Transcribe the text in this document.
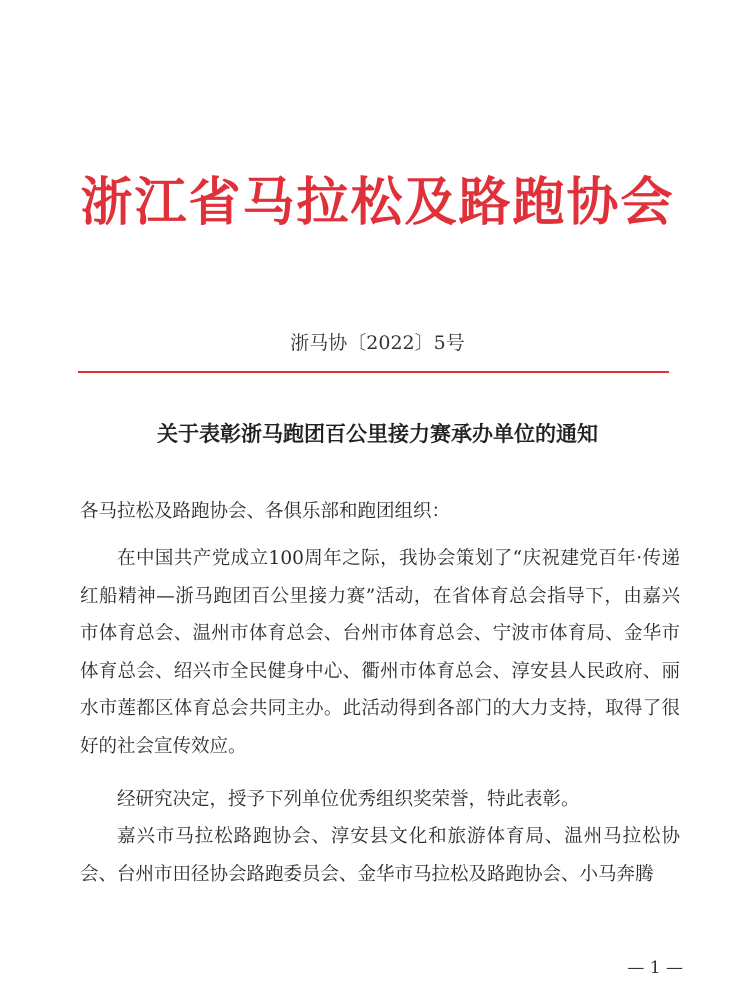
浙江省马拉松及路跑协会
浙马协〔2022〕5号
关于表彰浙马跑团百公里接力赛承办单位的通知
各马拉松及路跑协会、各俱乐部和跑团组织：

在中国共产党成立100周年之际，我协会策划了“庆祝建党百年·传递红船精神—浙马跑团百公里接力赛”活动，在省体育总会指导下，由嘉兴市体育总会、温州市体育总会、台州市体育总会、宁波市体育局、金华市体育总会、绍兴市全民健身中心、衢州市体育总会、淳安县人民政府、丽水市莲都区体育总会共同主办。此活动得到各部门的大力支持，取得了很好的社会宣传效应。

经研究决定，授予下列单位优秀组织奖荣誉，特此表彰。

嘉兴市马拉松路跑协会、淳安县文化和旅游体育局、温州马拉松协会、台州市田径协会路跑委员会、金华市马拉松及路跑协会、小马奔腾

— 1 —
